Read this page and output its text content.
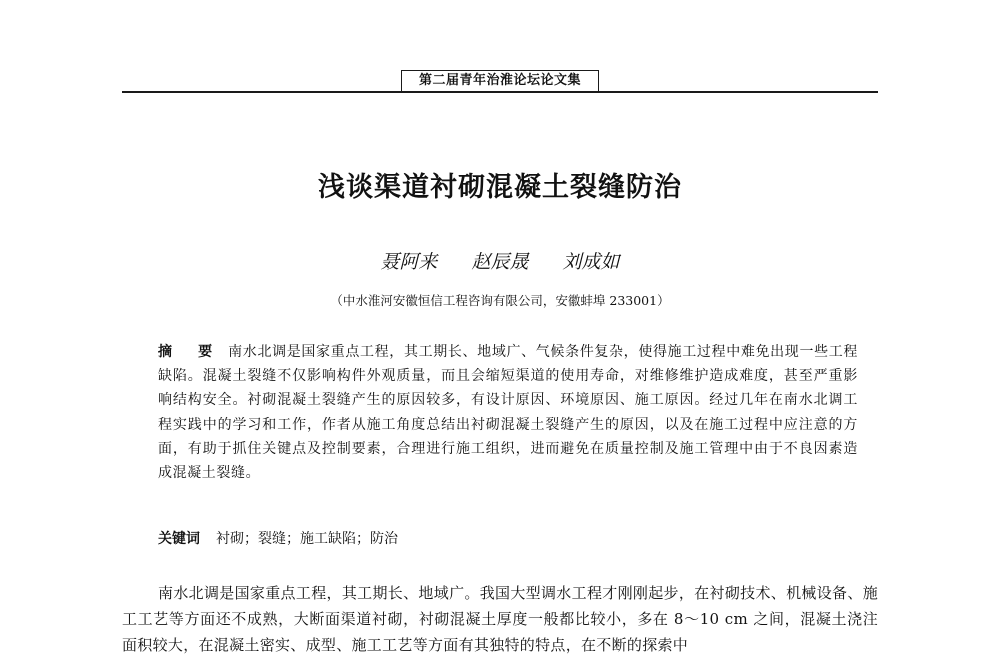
第二届青年治淮论坛论文集
浅谈渠道衬砌混凝土裂缝防治
聂阿来 赵辰晟 刘成如
（中水淮河安徽恒信工程咨询有限公司，安徽蚌埠 233001）
摘　要 南水北调是国家重点工程，其工期长、地域广、气候条件复杂，使得施工过程中难免出现一些工程缺陷。混凝土裂缝不仅影响构件外观质量，而且会缩短渠道的使用寿命，对维修维护造成难度，甚至严重影响结构安全。衬砌混凝土裂缝产生的原因较多，有设计原因、环境原因、施工原因。经过几年在南水北调工程实践中的学习和工作，作者从施工角度总结出衬砌混凝土裂缝产生的原因，以及在施工过程中应注意的方面，有助于抓住关键点及控制要素，合理进行施工组织，进而避免在质量控制及施工管理中由于不良因素造成混凝土裂缝。
关键词 衬砌；裂缝；施工缺陷；防治
南水北调是国家重点工程，其工期长、地域广。我国大型调水工程才刚刚起步，在衬砌技术、机械设备、施工工艺等方面还不成熟，大断面渠道衬砌，衬砌混凝土厚度一般都比较小，多在 8～10 cm 之间，混凝土浇注面积较大，在混凝土密实、成型、施工工艺等方面有其独特的特点，在不断的探索中
